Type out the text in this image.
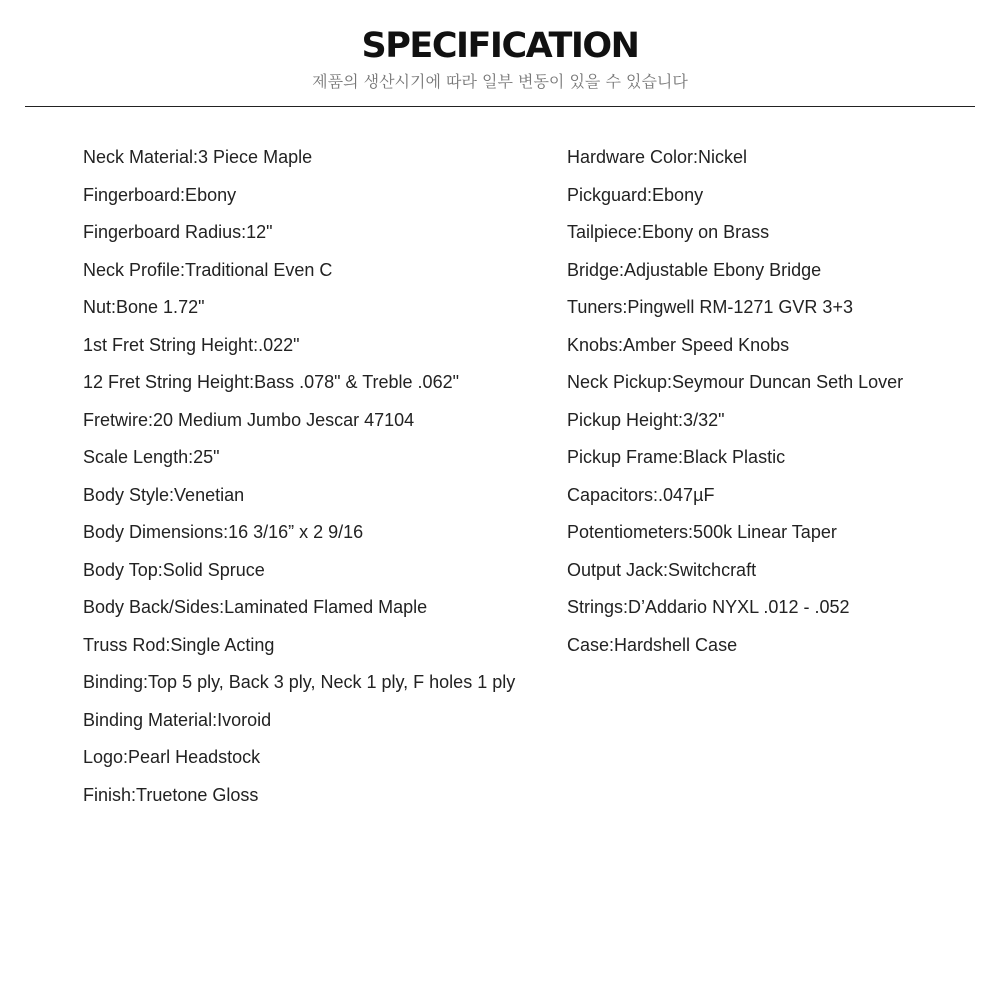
SPECIFICATION
제품의 생산시기에 따라 일부 변동이 있을 수 있습니다
Neck Material:3 Piece Maple
Fingerboard:Ebony
Fingerboard Radius:12"
Neck Profile:Traditional Even C
Nut:Bone 1.72"
1st Fret String Height:.022"
12 Fret String Height:Bass .078" & Treble .062"
Fretwire:20 Medium Jumbo Jescar 47104
Scale Length:25"
Body Style:Venetian
Body Dimensions:16 3/16” x 2 9/16
Body Top:Solid Spruce
Body Back/Sides:Laminated Flamed Maple
Truss Rod:Single Acting
Binding:Top 5 ply, Back 3 ply, Neck 1 ply, F holes 1 ply
Binding Material:Ivoroid
Logo:Pearl Headstock
Finish:Truetone Gloss
Hardware Color:Nickel
Pickguard:Ebony
Tailpiece:Ebony on Brass
Bridge:Adjustable Ebony Bridge
Tuners:Pingwell RM-1271 GVR 3+3
Knobs:Amber Speed Knobs
Neck Pickup:Seymour Duncan Seth Lover
Pickup Height:3/32"
Pickup Frame:Black Plastic
Capacitors:.047µF
Potentiometers:500k Linear Taper
Output Jack:Switchcraft
Strings:D’Addario NYXL .012 - .052
Case:Hardshell Case
